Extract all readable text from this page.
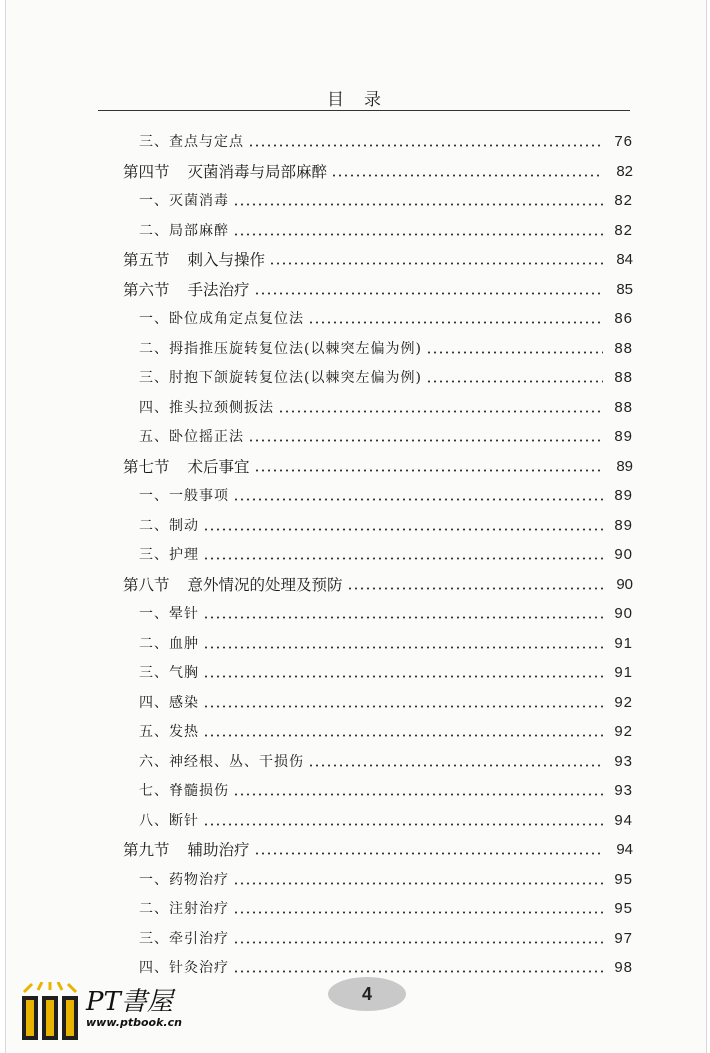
目录
三、查点与定点	76
第四节 灭菌消毒与局部麻醉	82
一、灭菌消毒	82
二、局部麻醉	82
第五节 刺入与操作	84
第六节 手法治疗	85
一、卧位成角定点复位法	86
二、拇指推压旋转复位法(以棘突左偏为例)	88
三、肘抱下颌旋转复位法(以棘突左偏为例)	88
四、推头拉颈侧扳法	88
五、卧位摇正法	89
第七节 术后事宜	89
一、一般事项	89
二、制动	89
三、护理	90
第八节 意外情况的处理及预防	90
一、晕针	90
二、血肿	91
三、气胸	91
四、感染	92
五、发热	92
六、神经根、丛、干损伤	93
七、脊髓损伤	93
八、断针	94
第九节 辅助治疗	94
一、药物治疗	95
二、注射治疗	95
三、牵引治疗	97
四、针灸治疗	98
4
PT書屋
www.ptbook.cn
